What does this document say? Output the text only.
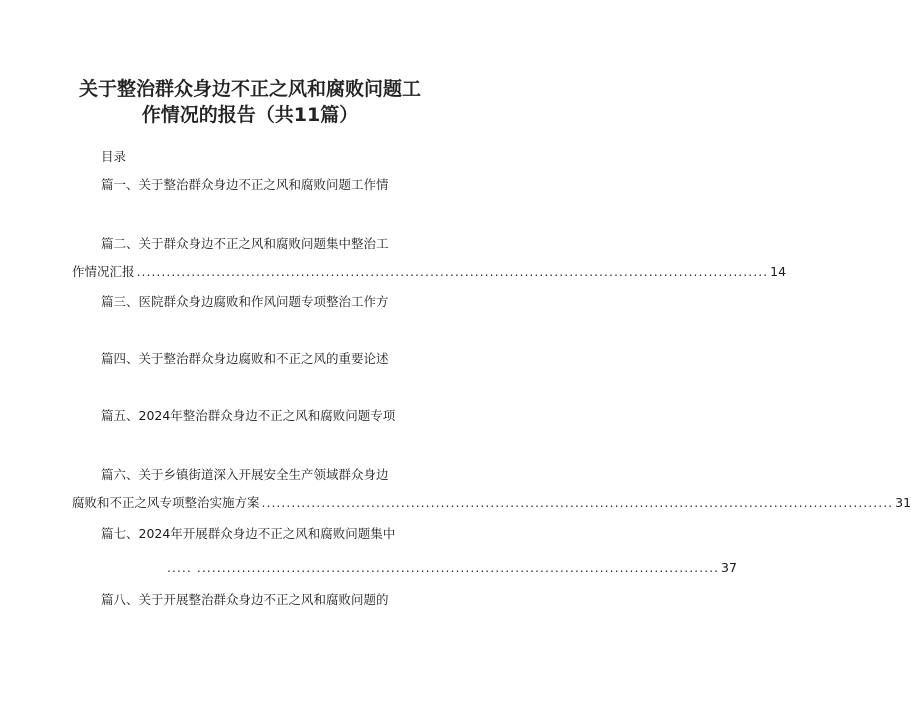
关于整治群众身边不正之风和腐败问题工
作情况的报告（共11篇）
目录
篇一、关于整治群众身边不正之风和腐败问题工作情
篇二、关于群众身边不正之风和腐败问题集中整治工
作情况汇报 ............................................................................................................................... 14
篇三、医院群众身边腐败和作风问题专项整治工作方
篇四、关于整治群众身边腐败和不正之风的重要论述
篇五、2024年整治群众身边不正之风和腐败问题专项
篇六、关于乡镇街道深入开展安全生产领域群众身边
腐败和不正之风专项整治实施方案 ............................................................................................................................... 31
篇七、2024年开展群众身边不正之风和腐败问题集中
..... ......................................................................................................... 37
篇八、关于开展整治群众身边不正之风和腐败问题的
